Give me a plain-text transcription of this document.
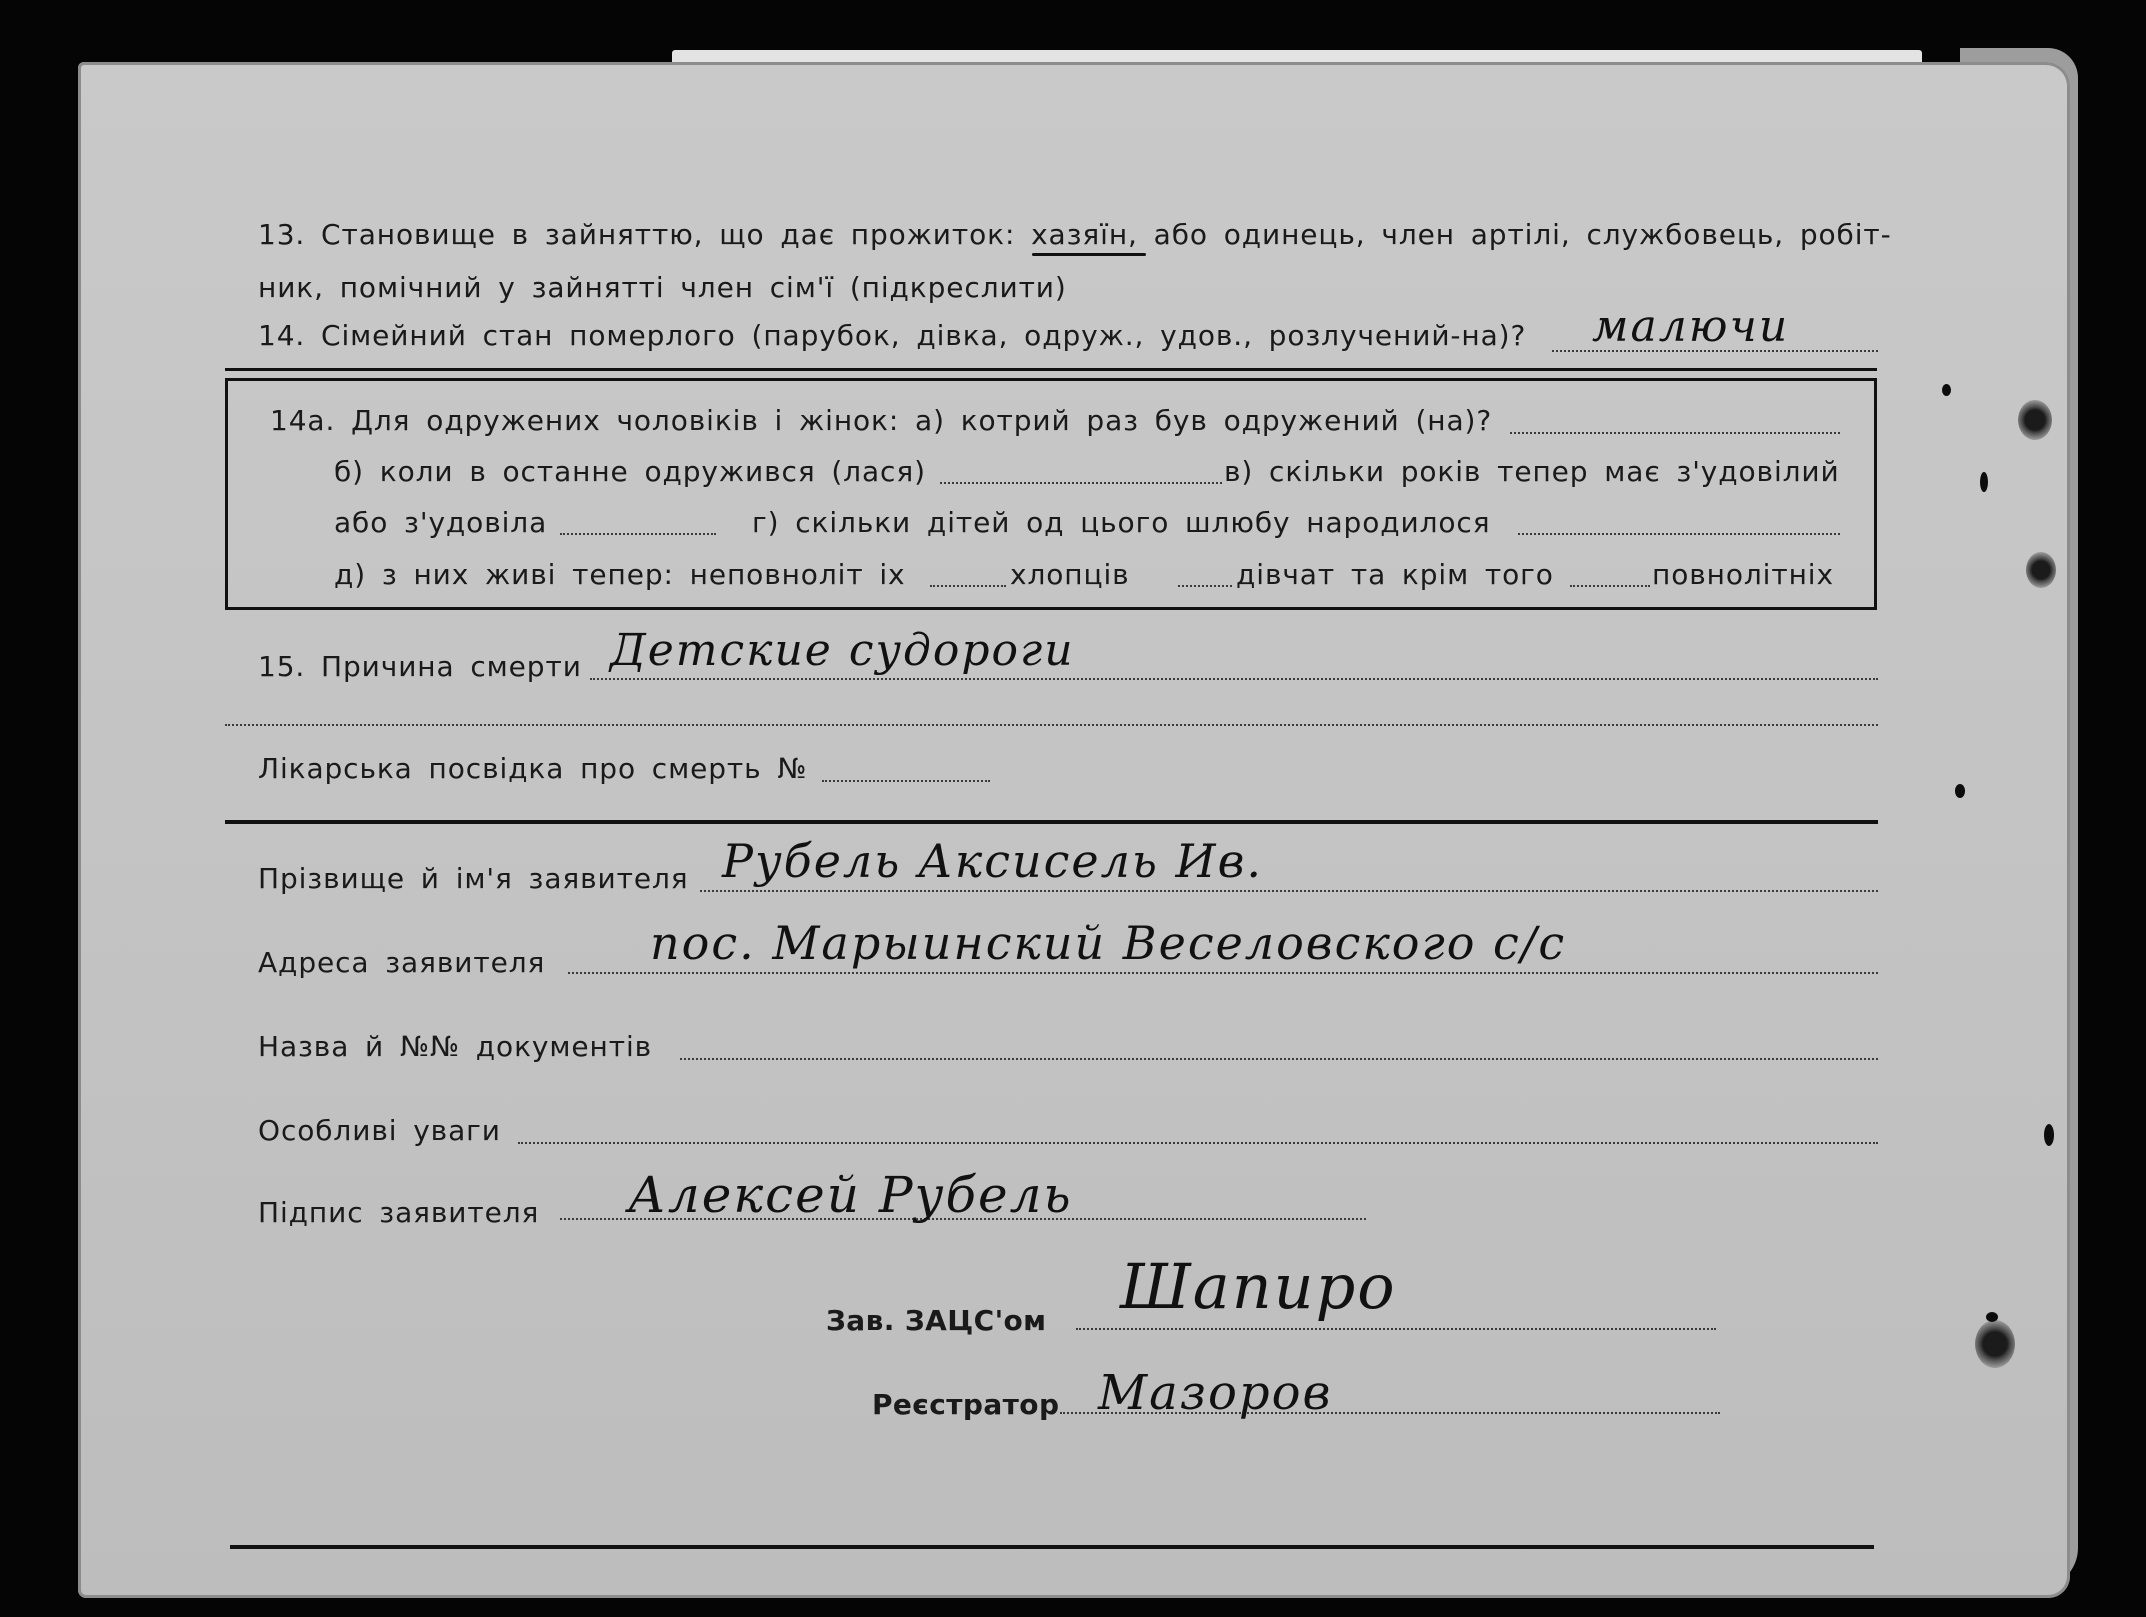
13. Становище в зайняттю, що дає прожиток: хазяїн, або одинець, член артілі, службовець, робіт-
ник, помічний у зайнятті член сім'ї (підкреслити)
14. Сімейний стан померлого (парубок, дівка, одруж., удов., розлучений-на)? малючи
14а. Для одружених чоловіків і жінок: а) котрий раз був одружений (на)?
б) коли в останне одружився (лася)	в) скільки років тепер має з'удовілий
або з'удовіла	г) скільки дітей од цього шлюбу народилося
д) з них живі тепер: неповноліт іх	хлопців	дівчат та крім того	повнолітніх
15. Причина смерти Детские судороги
Лікарська посвідка про смерть №
Прізвище й ім'я заявителя Рубель Аксисель Ив.
Адреса заявителя пос. Марыинский Веселовского с/с
Назва й №№ документів
Особливі уваги
Підпис заявителя Алексей Рубель
Зав. ЗАЦС'ом Шапиро
Реєстратор Мазоров
